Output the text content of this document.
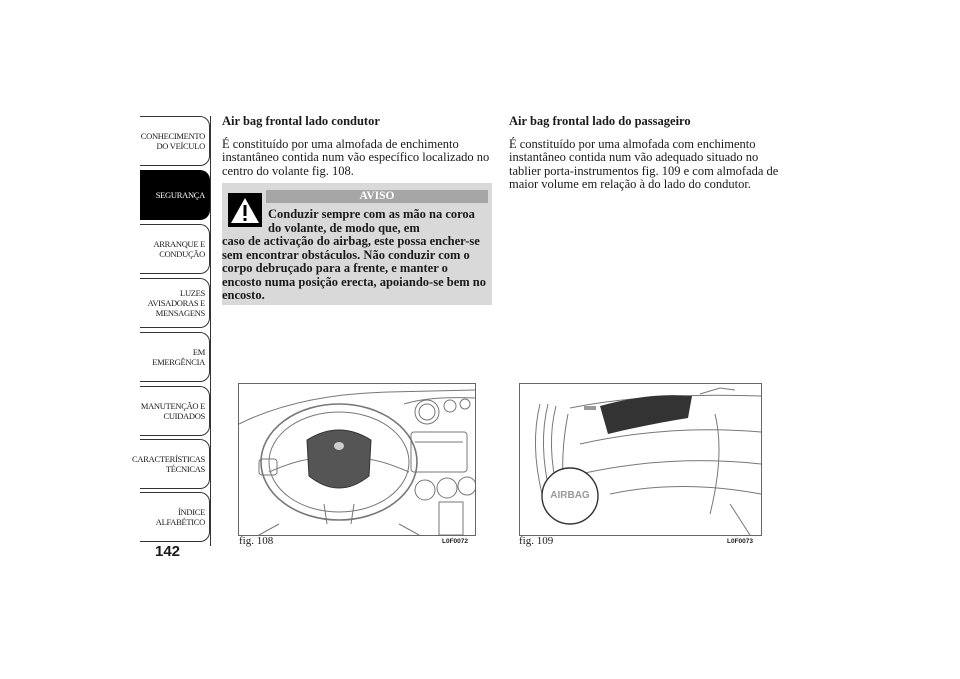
CONHECIMENTO
DO VEÍCULO
SEGURANÇA
ARRANQUE E
CONDUÇÃO
LUZES
AVISADORAS E
MENSAGENS
EM EMERGÊNCIA
MANUTENÇÃO E
CUIDADOS
CARACTERÍSTICAS
TÉCNICAS
ÍNDICE
ALFABÉTICO
142
Air bag frontal lado condutor

É constituído por uma almofada de enchimento instantâneo contida num vão específico localizado no centro do volante fig. 108.

AVISO
Conduzir sempre com as mão na coroa do volante, de modo que, em
caso de activação do airbag, este possa encher-se sem encontrar obstáculos. Não conduzir com o corpo debruçado para a frente, e manter o encosto numa posição erecta, apoiando-se bem no encosto.
Air bag frontal lado do passageiro

É constituído por uma almofada com enchimento instantâneo contida num vão adequado situado no tablier porta-instrumentos fig. 109 e com almofada de maior volume em relação à do lado do condutor.

fig. 108	L0F0072
AIRBAG
fig. 109	L0F0073
